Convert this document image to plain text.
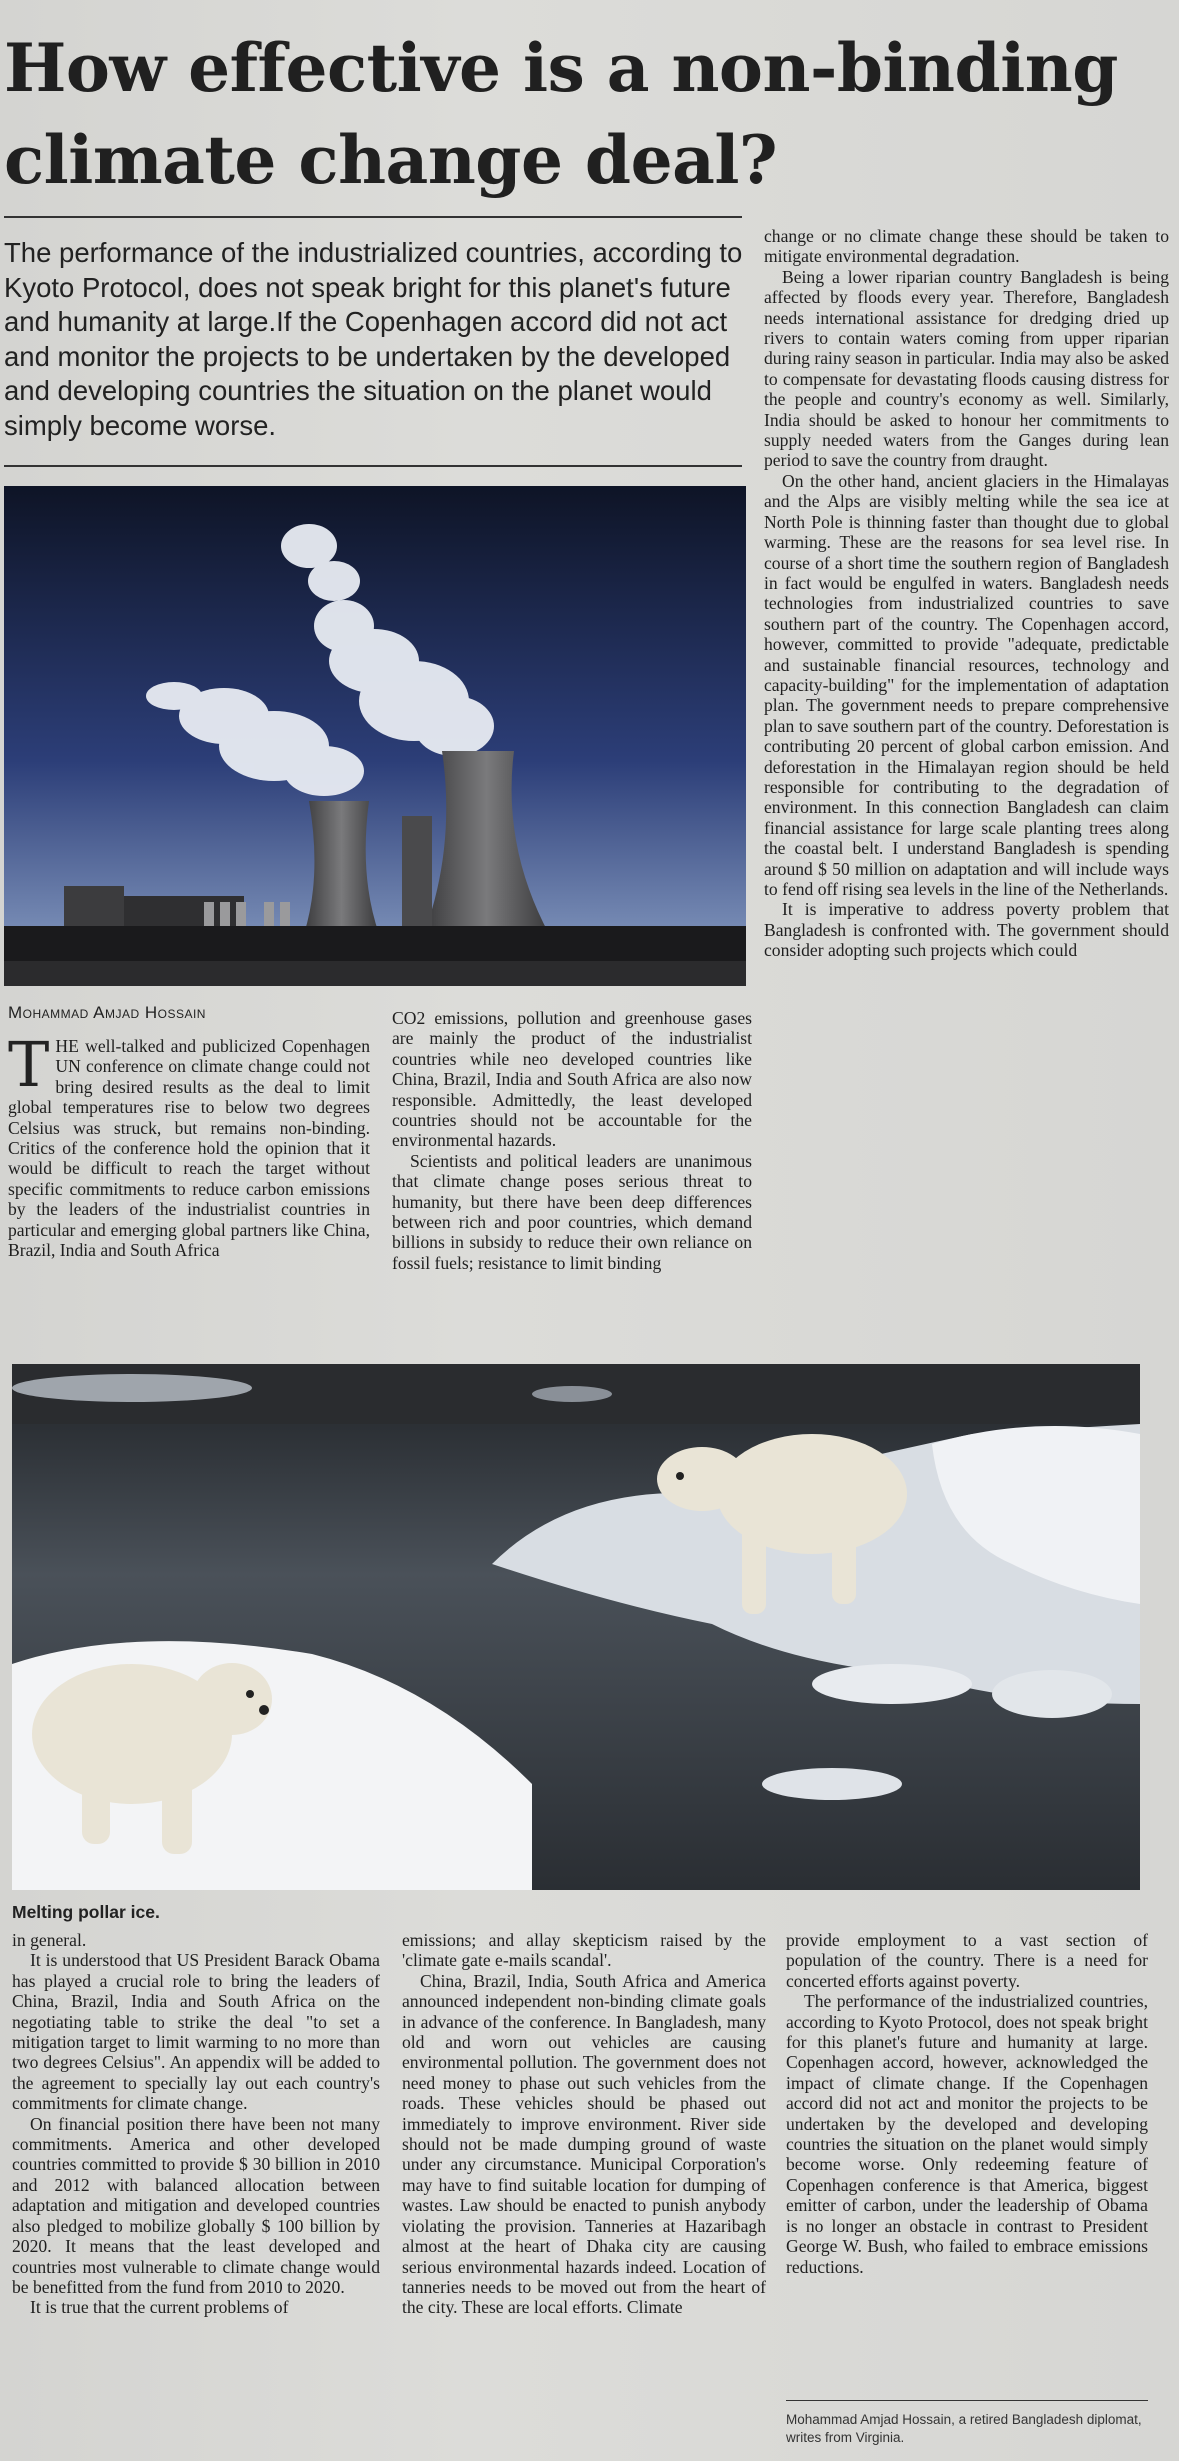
How effective is a non-binding climate change deal?

The performance of the industrialized countries, according to Kyoto Protocol, does not speak bright for this planet's future and humanity at large.If the Copenhagen accord did not act and monitor the projects to be undertaken by the developed and developing countries the situation on the planet would simply become worse.

Mohammad Amjad Hossain

THE well-talked and publicized Copenhagen UN conference on climate change could not bring desired results as the deal to limit global temperatures rise to below two degrees Celsius was struck, but remains non-binding. Critics of the conference hold the opinion that it would be difficult to reach the target without specific commitments to reduce carbon emissions by the leaders of the industrialist countries in particular and emerging global partners like China, Brazil, India and South Africa

CO2 emissions, pollution and greenhouse gases are mainly the product of the industrialist countries while neo developed countries like China, Brazil, India and South Africa are also now responsible. Admittedly, the least developed countries should not be accountable for the environmental hazards.

Scientists and political leaders are unanimous that climate change poses serious threat to humanity, but there have been deep differences between rich and poor countries, which demand billions in subsidy to reduce their own reliance on fossil fuels; resistance to limit binding

change or no climate change these should be taken to mitigate environmental degradation.

Being a lower riparian country Bangladesh is being affected by floods every year. Therefore, Bangladesh needs international assistance for dredging dried up rivers to contain waters coming from upper riparian during rainy season in particular. India may also be asked to compensate for devastating floods causing distress for the people and country's economy as well. Similarly, India should be asked to honour her commitments to supply needed waters from the Ganges during lean period to save the country from draught.

On the other hand, ancient glaciers in the Himalayas and the Alps are visibly melting while the sea ice at North Pole is thinning faster than thought due to global warming. These are the reasons for sea level rise. In course of a short time the southern region of Bangladesh in fact would be engulfed in waters. Bangladesh needs technologies from industrialized countries to save southern part of the country. The Copenhagen accord, however, committed to provide "adequate, predictable and sustainable financial resources, technology and capacity-building" for the implementation of adaptation plan. The government needs to prepare comprehensive plan to save southern part of the country. Deforestation is contributing 20 percent of global carbon emission. And deforestation in the Himalayan region should be held responsible for contributing to the degradation of environment. In this connection Bangladesh can claim financial assistance for large scale planting trees along the coastal belt. I understand Bangladesh is spending around $ 50 million on adaptation and will include ways to fend off rising sea levels in the line of the Netherlands.

It is imperative to address poverty problem that Bangladesh is confronted with. The government should consider adopting such projects which could

Melting pollar ice.

in general.

It is understood that US President Barack Obama has played a crucial role to bring the leaders of China, Brazil, India and South Africa on the negotiating table to strike the deal "to set a mitigation target to limit warming to no more than two degrees Celsius". An appendix will be added to the agreement to specially lay out each country's commitments for climate change.

On financial position there have been not many commitments. America and other developed countries committed to provide $ 30 billion in 2010 and 2012 with balanced allocation between adaptation and mitigation and developed countries also pledged to mobilize globally $ 100 billion by 2020. It means that the least developed and countries most vulnerable to climate change would be benefitted from the fund from 2010 to 2020.

It is true that the current problems of

emissions; and allay skepticism raised by the 'climate gate e-mails scandal'.

China, Brazil, India, South Africa and America announced independent non-binding climate goals in advance of the conference. In Bangladesh, many old and worn out vehicles are causing environmental pollution. The government does not need money to phase out such vehicles from the roads. These vehicles should be phased out immediately to improve environment. River side should not be made dumping ground of waste under any circumstance. Municipal Corporation's may have to find suitable location for dumping of wastes. Law should be enacted to punish anybody violating the provision. Tanneries at Hazaribagh almost at the heart of Dhaka city are causing serious environmental hazards indeed. Location of tanneries needs to be moved out from the heart of the city. These are local efforts. Climate

provide employment to a vast section of population of the country. There is a need for concerted efforts against poverty.

The performance of the industrialized countries, according to Kyoto Protocol, does not speak bright for this planet's future and humanity at large. Copenhagen accord, however, acknowledged the impact of climate change. If the Copenhagen accord did not act and monitor the projects to be undertaken by the developed and developing countries the situation on the planet would simply become worse. Only redeeming feature of Copenhagen conference is that America, biggest emitter of carbon, under the leadership of Obama is no longer an obstacle in contrast to President George W. Bush, who failed to embrace emissions reductions.

Mohammad Amjad Hossain, a retired Bangladesh diplomat, writes from Virginia.
